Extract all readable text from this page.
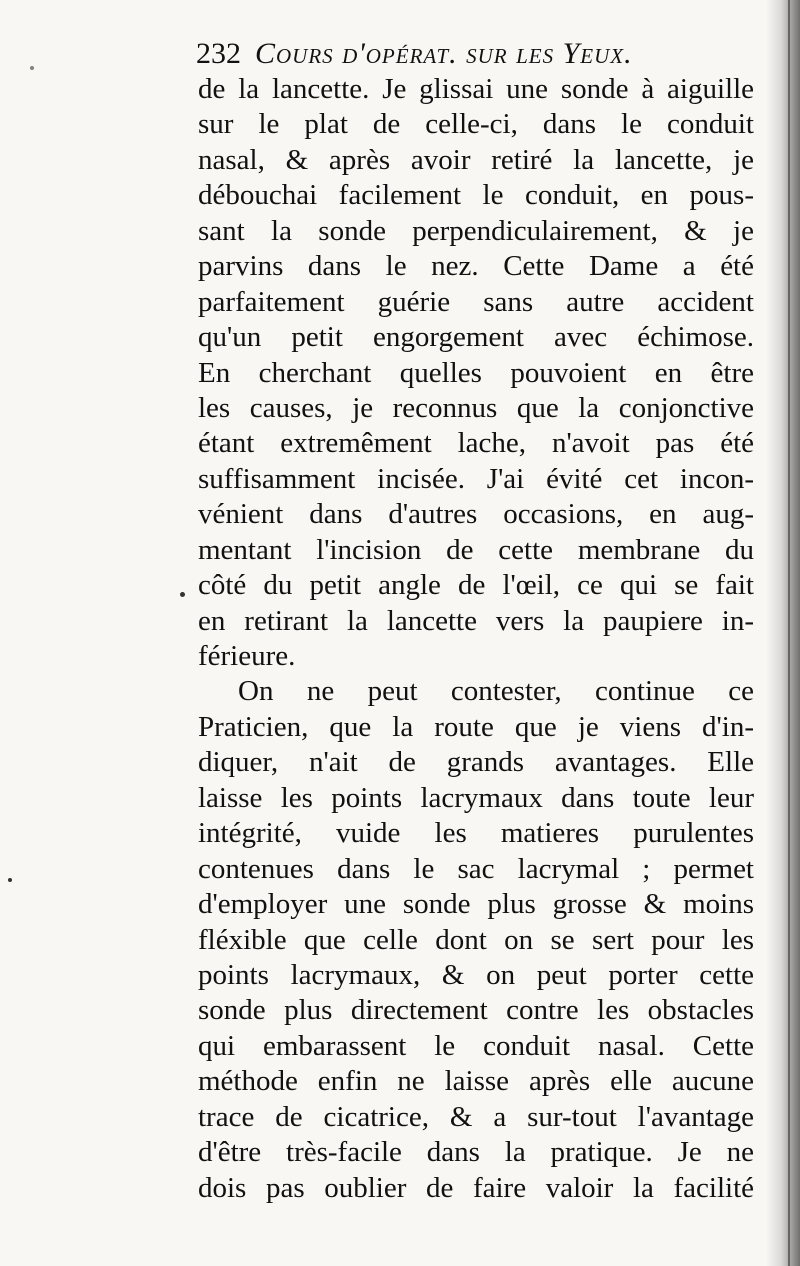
232 Cours d'opérat. sur les Yeux.
de la lancette. Je glissai une sonde à aiguille
sur le plat de celle-ci, dans le conduit
nasal, & après avoir retiré la lancette, je
débouchai facilement le conduit, en pous-
sant la sonde perpendiculairement, & je
parvins dans le nez. Cette Dame a été
parfaitement guérie sans autre accident
qu'un petit engorgement avec échimose.
En cherchant quelles pouvoient en être
les causes, je reconnus que la conjonctive
étant extremêment lache, n'avoit pas été
suffisamment incisée. J'ai évité cet incon-
vénient dans d'autres occasions, en aug-
mentant l'incision de cette membrane du
côté du petit angle de l'œil, ce qui se fait
en retirant la lancette vers la paupiere in-
férieure.
On ne peut contester, continue ce
Praticien, que la route que je viens d'in-
diquer, n'ait de grands avantages. Elle
laisse les points lacrymaux dans toute leur
intégrité, vuide les matieres purulentes
contenues dans le sac lacrymal ; permet
d'employer une sonde plus grosse & moins
fléxible que celle dont on se sert pour les
points lacrymaux, & on peut porter cette
sonde plus directement contre les obstacles
qui embarassent le conduit nasal. Cette
méthode enfin ne laisse après elle aucune
trace de cicatrice, & a sur-tout l'avantage
d'être très-facile dans la pratique. Je ne
dois pas oublier de faire valoir la facilité
